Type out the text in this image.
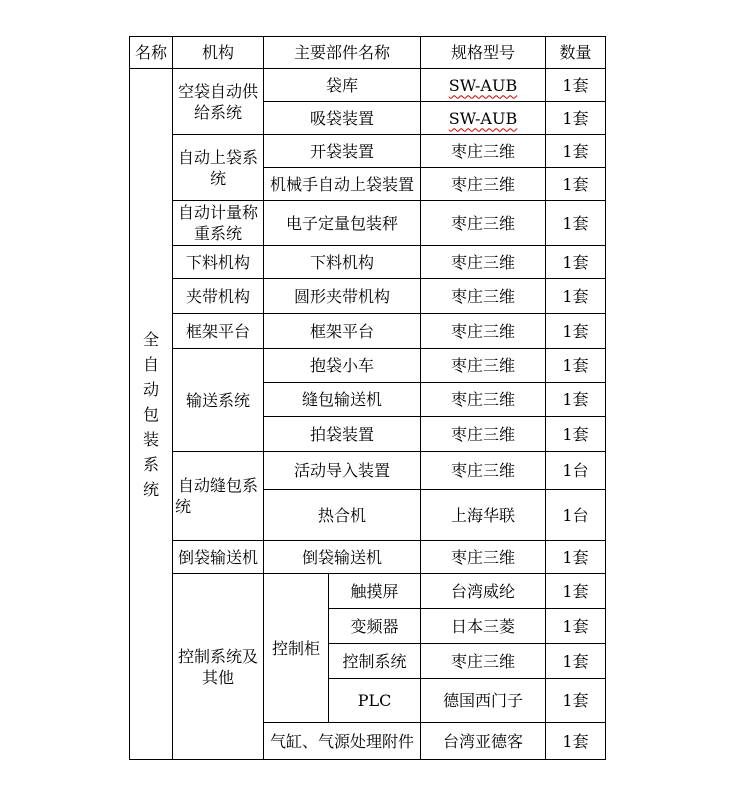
名称	机构	主要部件名称		规格型号	数量

全自动包装系统	空袋自动供给系统	袋库		SW-AUB	1套
		吸袋装置		SW-AUB	1套
	自动上袋系统	开袋装置		枣庄三维	1套
		机械手自动上袋装置		枣庄三维	1套
	自动计量称重系统	电子定量包装秤		枣庄三维	1套
	下料机构	下料机构		枣庄三维	1套
	夹带机构	圆形夹带机构		枣庄三维	1套
	框架平台	框架平台		枣庄三维	1套
	输送系统	抱袋小车		枣庄三维	1套
		缝包输送机		枣庄三维	1套
		拍袋装置		枣庄三维	1套
	自动缝包系统	活动导入装置		枣庄三维	1台
		热合机		上海华联	1台
	倒袋输送机	倒袋输送机		枣庄三维	1套
	控制系统及其他	控制柜	触摸屏	台湾威纶	1套
			变频器	日本三菱	1套
			控制系统	枣庄三维	1套
			PLC	德国西门子	1套
		气缸、气源处理附件		台湾亚德客	1套
